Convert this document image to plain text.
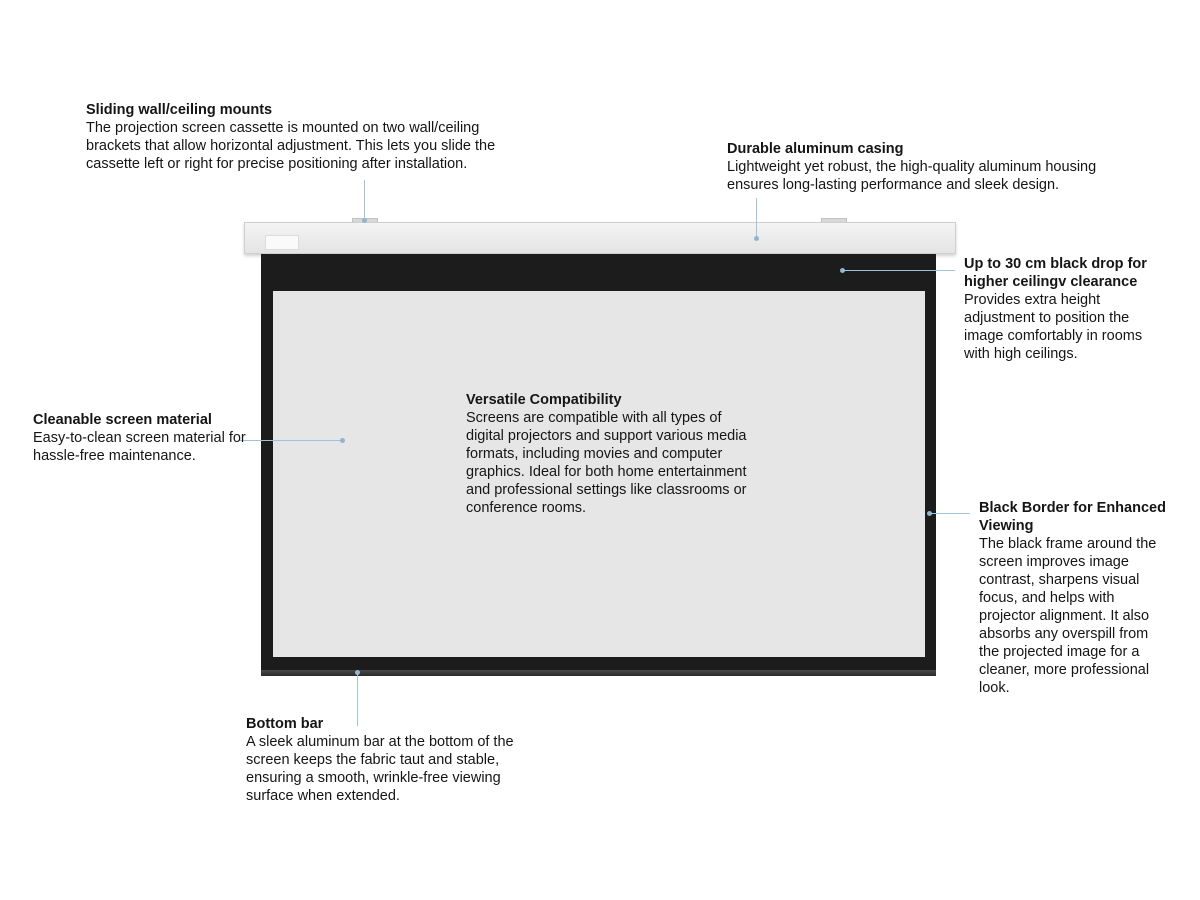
Sliding wall/ceiling mounts
The projection screen cassette is mounted on two wall/ceiling brackets that allow horizontal adjustment. This lets you slide the cassette left or right for precise positioning after installation.
Durable aluminum casing
Lightweight yet robust, the high-quality aluminum housing ensures long-lasting performance and sleek design.
Up to 30 cm black drop for higher ceilingv clearance
Provides extra height adjustment to position the image comfortably in rooms with high ceilings.
Cleanable screen material
Easy-to-clean screen material for hassle-free maintenance.
Versatile Compatibility
Screens are compatible with all types of digital projectors and support various media formats, including movies and computer graphics. Ideal for both home entertainment and professional settings like classrooms or conference rooms.	Black Border for Enhanced Viewing
The black frame around the screen improves image contrast, sharpens visual focus, and helps with projector alignment. It also absorbs any overspill from the projected image for a cleaner, more professional look.
Bottom bar
A sleek aluminum bar at the bottom of the screen keeps the fabric taut and stable, ensuring a smooth, wrinkle-free viewing surface when extended.
